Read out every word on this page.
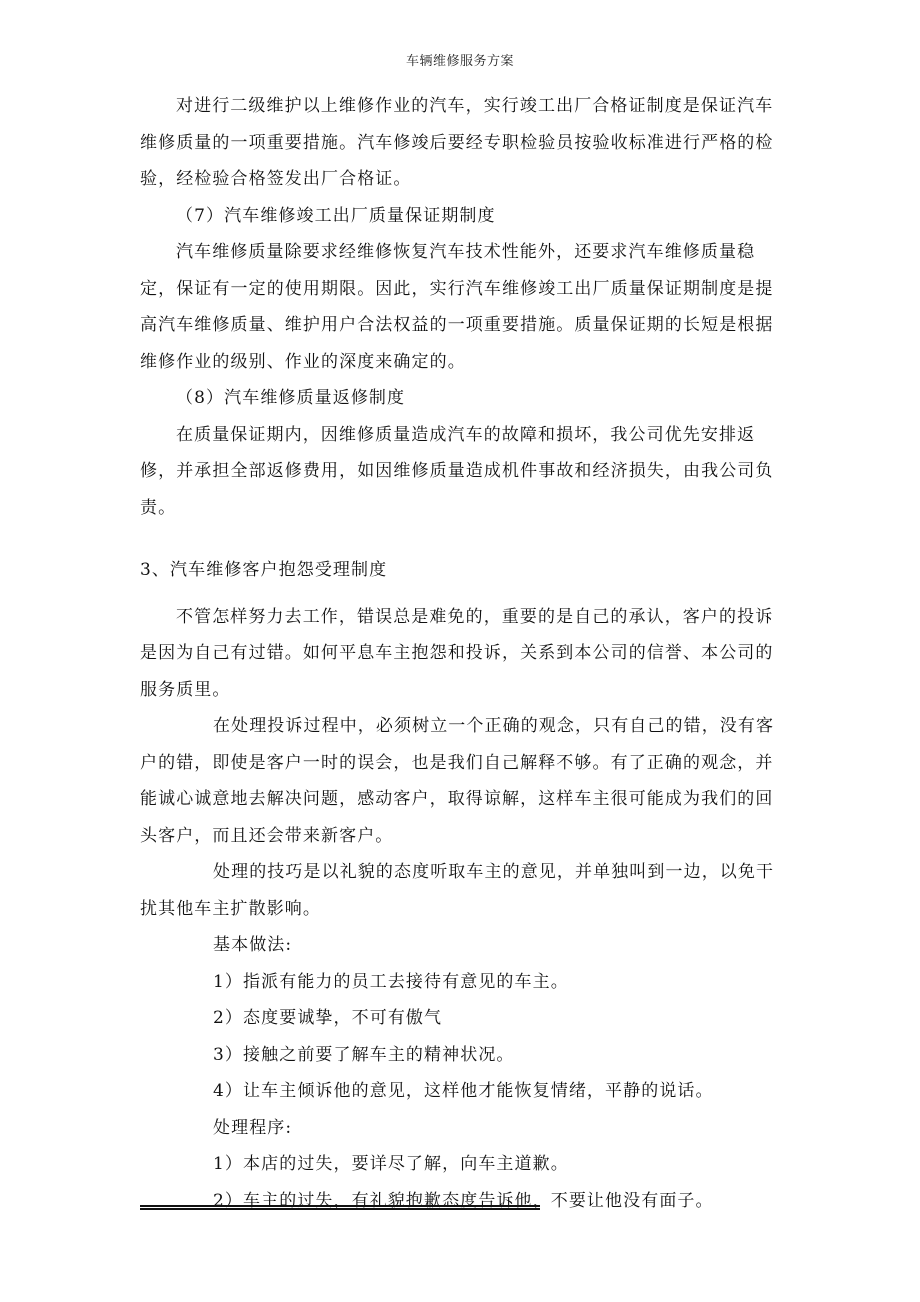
车辆维修服务方案

对进行二级维护以上维修作业的汽车，实行竣工出厂合格证制度是保证汽车维修质量的一项重要措施。汽车修竣后要经专职检验员按验收标准进行严格的检验，经检验合格签发出厂合格证。

（7）汽车维修竣工出厂质量保证期制度

汽车维修质量除要求经维修恢复汽车技术性能外，还要求汽车维修质量稳定，保证有一定的使用期限。因此，实行汽车维修竣工出厂质量保证期制度是提高汽车维修质量、维护用户合法权益的一项重要措施。质量保证期的长短是根据维修作业的级别、作业的深度来确定的。

（8）汽车维修质量返修制度

在质量保证期内，因维修质量造成汽车的故障和损坏，我公司优先安排返修，并承担全部返修费用，如因维修质量造成机件事故和经济损失，由我公司负责。

3、汽车维修客户抱怨受理制度

不管怎样努力去工作，错误总是难免的，重要的是自己的承认，客户的投诉是因为自己有过错。如何平息车主抱怨和投诉，关系到本公司的信誉、本公司的服务质里。

在处理投诉过程中，必须树立一个正确的观念，只有自己的错，没有客户的错，即使是客户一时的误会，也是我们自己解释不够。有了正确的观念，并能诚心诚意地去解决问题，感动客户，取得谅解，这样车主很可能成为我们的回头客户，而且还会带来新客户。

处理的技巧是以礼貌的态度听取车主的意见，并单独叫到一边，以免干扰其他车主扩散影响。

基本做法:

1）指派有能力的员工去接待有意见的车主。

2）态度要诚挚，不可有傲气

3）接触之前要了解车主的精神状况。

4）让车主倾诉他的意见，这样他才能恢复情绪，平静的说话。

处理程序:

1）本店的过失，要详尽了解，向车主道歉。

2）车主的过失，有礼貌抱歉态度告诉他，不要让他没有面子。
